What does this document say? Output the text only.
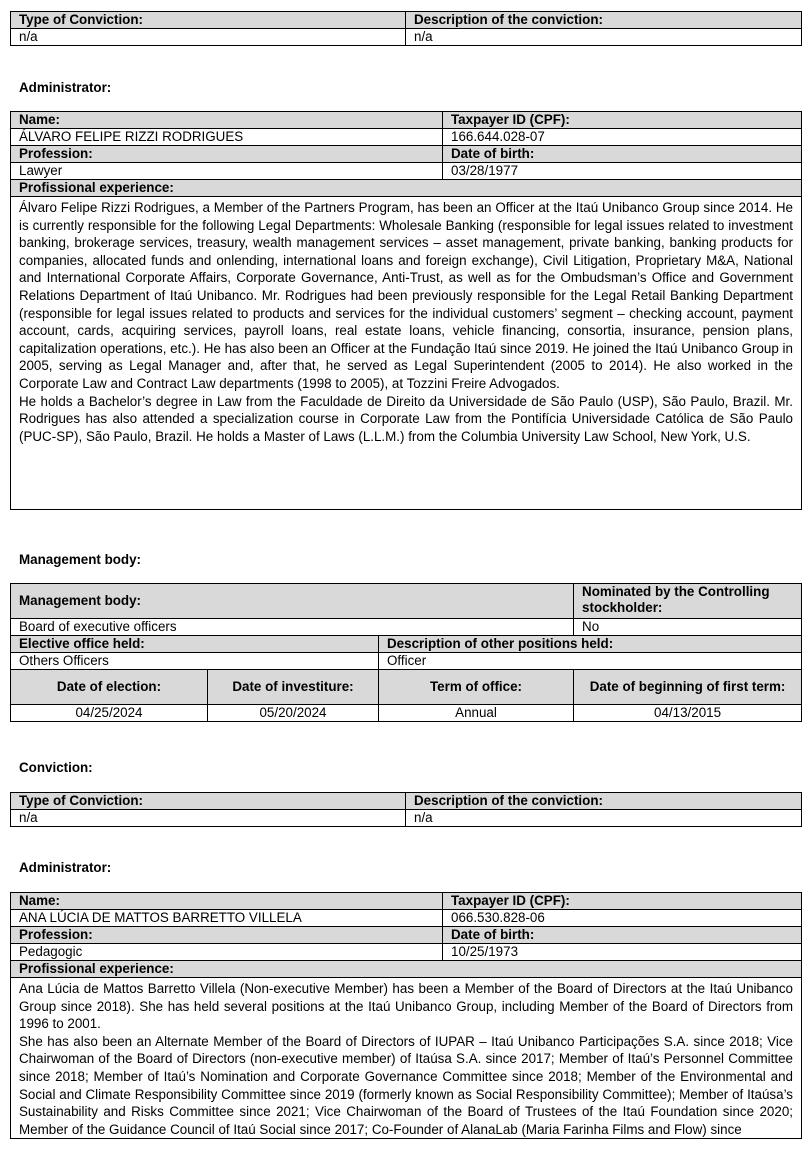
Type of Conviction:	Description of the conviction:
n/a	n/a
Administrator:
Name:	Taxpayer ID (CPF):
ÁLVARO FELIPE RIZZI RODRIGUES	166.644.028-07
Profession:	Date of birth:
Lawyer	03/28/1977
Profissional experience:	

Álvaro Felipe Rizzi Rodrigues, a Member of the Partners Program, has been an Officer at the Itaú Unibanco Group since 2014. He is currently responsible for the following Legal Departments: Wholesale Banking (responsible for legal issues related to investment banking, brokerage services, treasury, wealth management services – asset management, private banking, banking products for companies, allocated funds and onlending, international loans and foreign exchange), Civil Litigation, Proprietary M&A, National and International Corporate Affairs, Corporate Governance, Anti-Trust, as well as for the Ombudsman’s Office and Government Relations Department of Itaú Unibanco. Mr. Rodrigues had been previously responsible for the Legal Retail Banking Department (responsible for legal issues related to products and services for the individual customers’ segment – checking account, payment account, cards, acquiring services, payroll loans, real estate loans, vehicle financing, consortia, insurance, pension plans, capitalization operations, etc.). He has also been an Officer at the Fundação Itaú since 2019. He joined the Itaú Unibanco Group in 2005, serving as Legal Manager and, after that, he served as Legal Superintendent (2005 to 2014). He also worked in the Corporate Law and Contract Law departments (1998 to 2005), at Tozzini Freire Advogados.
He holds a Bachelor’s degree in Law from the Faculdade de Direito da Universidade de São Paulo (USP), São Paulo, Brazil. Mr. Rodrigues has also attended a specialization course in Corporate Law from the Pontifícia Universidade Católica de São Paulo (PUC-SP), São Paulo, Brazil. He holds a Master of Laws (L.L.M.) from the Columbia University Law School, New York, U.S.	
Management body:
Management body:			Nominated by the Controlling stockholder:
Board of executive officers			No
Elective office held:		Description of other positions held:	
Others Officers		Officer	
Date of election:	Date of investiture:	Term of office:	Date of beginning of first term:
04/25/2024	05/20/2024	Annual	04/13/2015
Conviction:
Type of Conviction:	Description of the conviction:
n/a	n/a
Administrator:
Name:	Taxpayer ID (CPF):
ANA LÚCIA DE MATTOS BARRETTO VILLELA	066.530.828-06
Profession:	Date of birth:
Pedagogic	10/25/1973
Profissional experience:	

Ana Lúcia de Mattos Barretto Villela (Non-executive Member) has been a Member of the Board of Directors at the Itaú Unibanco Group since 2018). She has held several positions at the Itaú Unibanco Group, including Member of the Board of Directors from 1996 to 2001.
She has also been an Alternate Member of the Board of Directors of IUPAR – Itaú Unibanco Participações S.A. since 2018; Vice Chairwoman of the Board of Directors (non-executive member) of Itaúsa S.A. since 2017; Member of Itaú’s Personnel Committee since 2018; Member of Itaú’s Nomination and Corporate Governance Committee since 2018; Member of the Environmental and Social and Climate Responsibility Committee since 2019 (formerly known as Social Responsibility Committee); Member of Itaúsa’s Sustainability and Risks Committee since 2021; Vice Chairwoman of the Board of Trustees of the Itaú Foundation since 2020; Member of the Guidance Council of Itaú Social since 2017; Co-Founder of AlanaLab (Maria Farinha Films and Flow) since	
